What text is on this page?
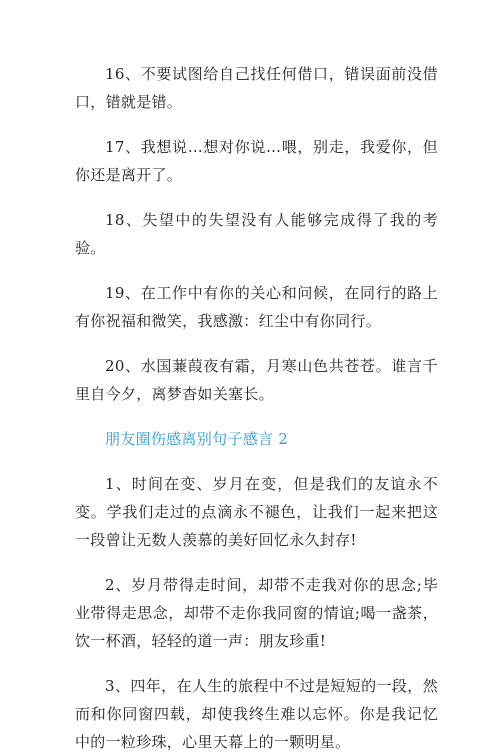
16、不要试图给自己找任何借口，错误面前没借口，错就是错。

17、我想说…想对你说…喂，别走，我爱你，但你还是离开了。

18、失望中的失望没有人能够完成得了我的考验。

19、在工作中有你的关心和问候，在同行的路上有你祝福和微笑，我感激：红尘中有你同行。

20、水国蒹葭夜有霜，月寒山色共苍苍。谁言千里自今夕，离梦杳如关塞长。

朋友圈伤感离别句子感言 2

1、时间在变、岁月在变，但是我们的友谊永不变。学我们走过的点滴永不褪色，让我们一起来把这一段曾让无数人羡慕的美好回忆永久封存!

2、岁月带得走时间，却带不走我对你的思念;毕业带得走思念，却带不走你我同窗的情谊;喝一盏茶，饮一杯酒，轻轻的道一声：朋友珍重!

3、四年，在人生的旅程中不过是短短的一段，然而和你同窗四载，却使我终生难以忘怀。你是我记忆中的一粒珍珠，心里天幕上的一颗明星。
